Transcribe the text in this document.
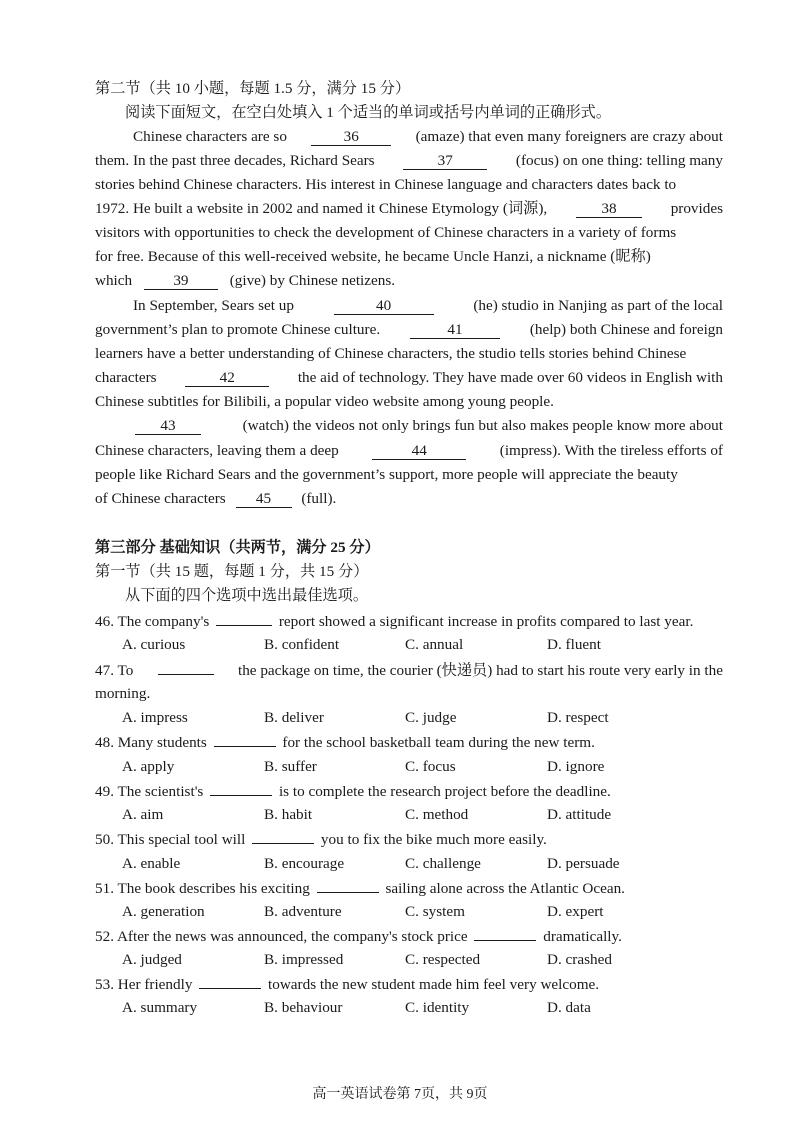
第二节（共 10 小题，每题 1.5 分，满分 15 分）
阅读下面短文，在空白处填入 1 个适当的单词或括号内单词的正确形式。
Chinese characters are so	36	(amaze) that even many foreigners are crazy about
them. In the past three decades, Richard Sears	37	(focus) on one thing: telling many
stories behind Chinese characters. His interest in Chinese language and characters dates back to
1972. He built a website in 2002 and named it Chinese Etymology (词源),	38	provides
visitors with opportunities to check the development of Chinese characters in a variety of forms
for free. Because of this well-received website, he became Uncle Hanzi, a nickname (昵称)
which	39	(give) by Chinese netizens.
In September, Sears set up	40	(he) studio in Nanjing as part of the local
government’s plan to promote Chinese culture.	41	(help) both Chinese and foreign
learners have a better understanding of Chinese characters, the studio tells stories behind Chinese
characters	42	the aid of technology. They have made over 60 videos in English with
Chinese subtitles for Bilibili, a popular video website among young people.
43	(watch) the videos not only brings fun but also makes people know more about
Chinese characters, leaving them a deep	44	(impress). With the tireless efforts of
people like Richard Sears and the government’s support, more people will appreciate the beauty
of Chinese characters 45 (full).
第三部分 基础知识（共两节，满分 25 分）
第一节（共 15 题，每题 1 分，共 15 分）
从下面的四个选项中选出最佳选项。
46. The company's	report showed a significant increase in profits compared to last year.
A. curious	B. confident	C. annual	D. fluent
47. To	the package on time, the courier (快递员) had to start his route very early in the
morning.
A. impress	B. deliver	C. judge	D. respect
48. Many students	for the school basketball team during the new term.
A. apply	B. suffer	C. focus	D. ignore
49. The scientist's	is to complete the research project before the deadline.
A. aim	B. habit	C. method	D. attitude
50. This special tool will	you to fix the bike much more easily.
A. enable	B. encourage	C. challenge	D. persuade
51. The book describes his exciting	sailing alone across the Atlantic Ocean.
A. generation	B. adventure	C. system	D. expert
52. After the news was announced, the company's stock price	dramatically.
A. judged	B. impressed	C. respected	D. crashed
53. Her friendly	towards the new student made him feel very welcome.
A. summary	B. behaviour	C. identity	D. data
高一英语试卷第 7页，共 9页
